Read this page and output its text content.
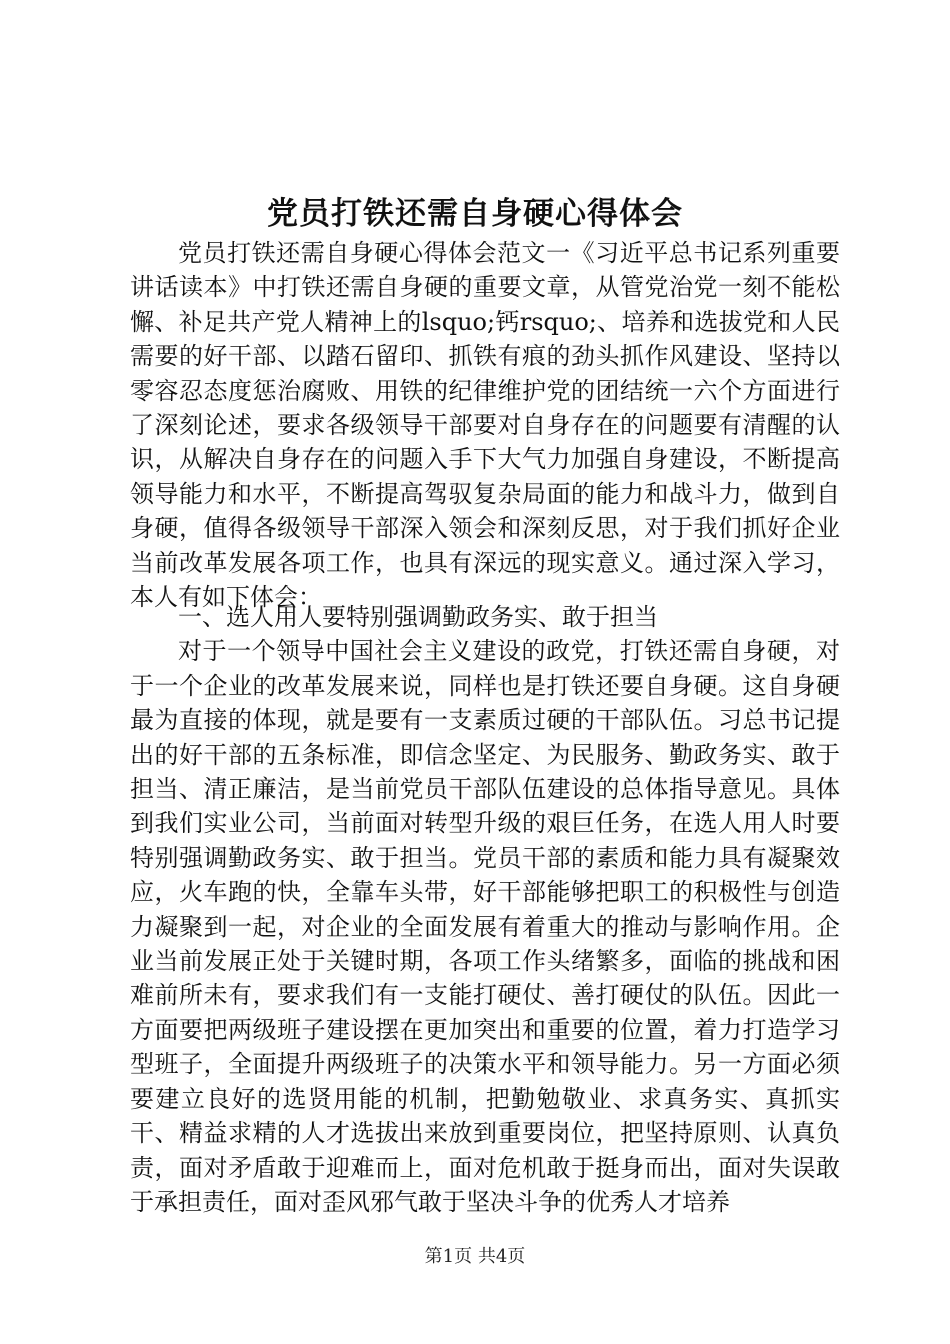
党员打铁还需自身硬心得体会

党员打铁还需自身硬心得体会范文一《习近平总书记系列重要讲话读本》中打铁还需自身硬的重要文章，从管党治党一刻不能松懈、补足共产党人精神上的lsquo;钙rsquo;、培养和选拔党和人民需要的好干部、以踏石留印、抓铁有痕的劲头抓作风建设、坚持以零容忍态度惩治腐败、用铁的纪律维护党的团结统一六个方面进行了深刻论述，要求各级领导干部要对自身存在的问题要有清醒的认识，从解决自身存在的问题入手下大气力加强自身建设，不断提高领导能力和水平，不断提高驾驭复杂局面的能力和战斗力，做到自身硬，值得各级领导干部深入领会和深刻反思，对于我们抓好企业当前改革发展各项工作，也具有深远的现实意义。通过深入学习，本人有如下体会：

一、选人用人要特别强调勤政务实、敢于担当

对于一个领导中国社会主义建设的政党，打铁还需自身硬，对于一个企业的改革发展来说，同样也是打铁还要自身硬。这自身硬最为直接的体现，就是要有一支素质过硬的干部队伍。习总书记提出的好干部的五条标准，即信念坚定、为民服务、勤政务实、敢于担当、清正廉洁，是当前党员干部队伍建设的总体指导意见。具体到我们实业公司，当前面对转型升级的艰巨任务，在选人用人时要特别强调勤政务实、敢于担当。党员干部的素质和能力具有凝聚效应，火车跑的快，全靠车头带，好干部能够把职工的积极性与创造力凝聚到一起，对企业的全面发展有着重大的推动与影响作用。企业当前发展正处于关键时期，各项工作头绪繁多，面临的挑战和困难前所未有，要求我们有一支能打硬仗、善打硬仗的队伍。因此一方面要把两级班子建设摆在更加突出和重要的位置，着力打造学习型班子，全面提升两级班子的决策水平和领导能力。另一方面必须要建立良好的选贤用能的机制，把勤勉敬业、求真务实、真抓实干、精益求精的人才选拔出来放到重要岗位，把坚持原则、认真负责，面对矛盾敢于迎难而上，面对危机敢于挺身而出，面对失误敢于承担责任，面对歪风邪气敢于坚决斗争的优秀人才培养

第1页 共4页
